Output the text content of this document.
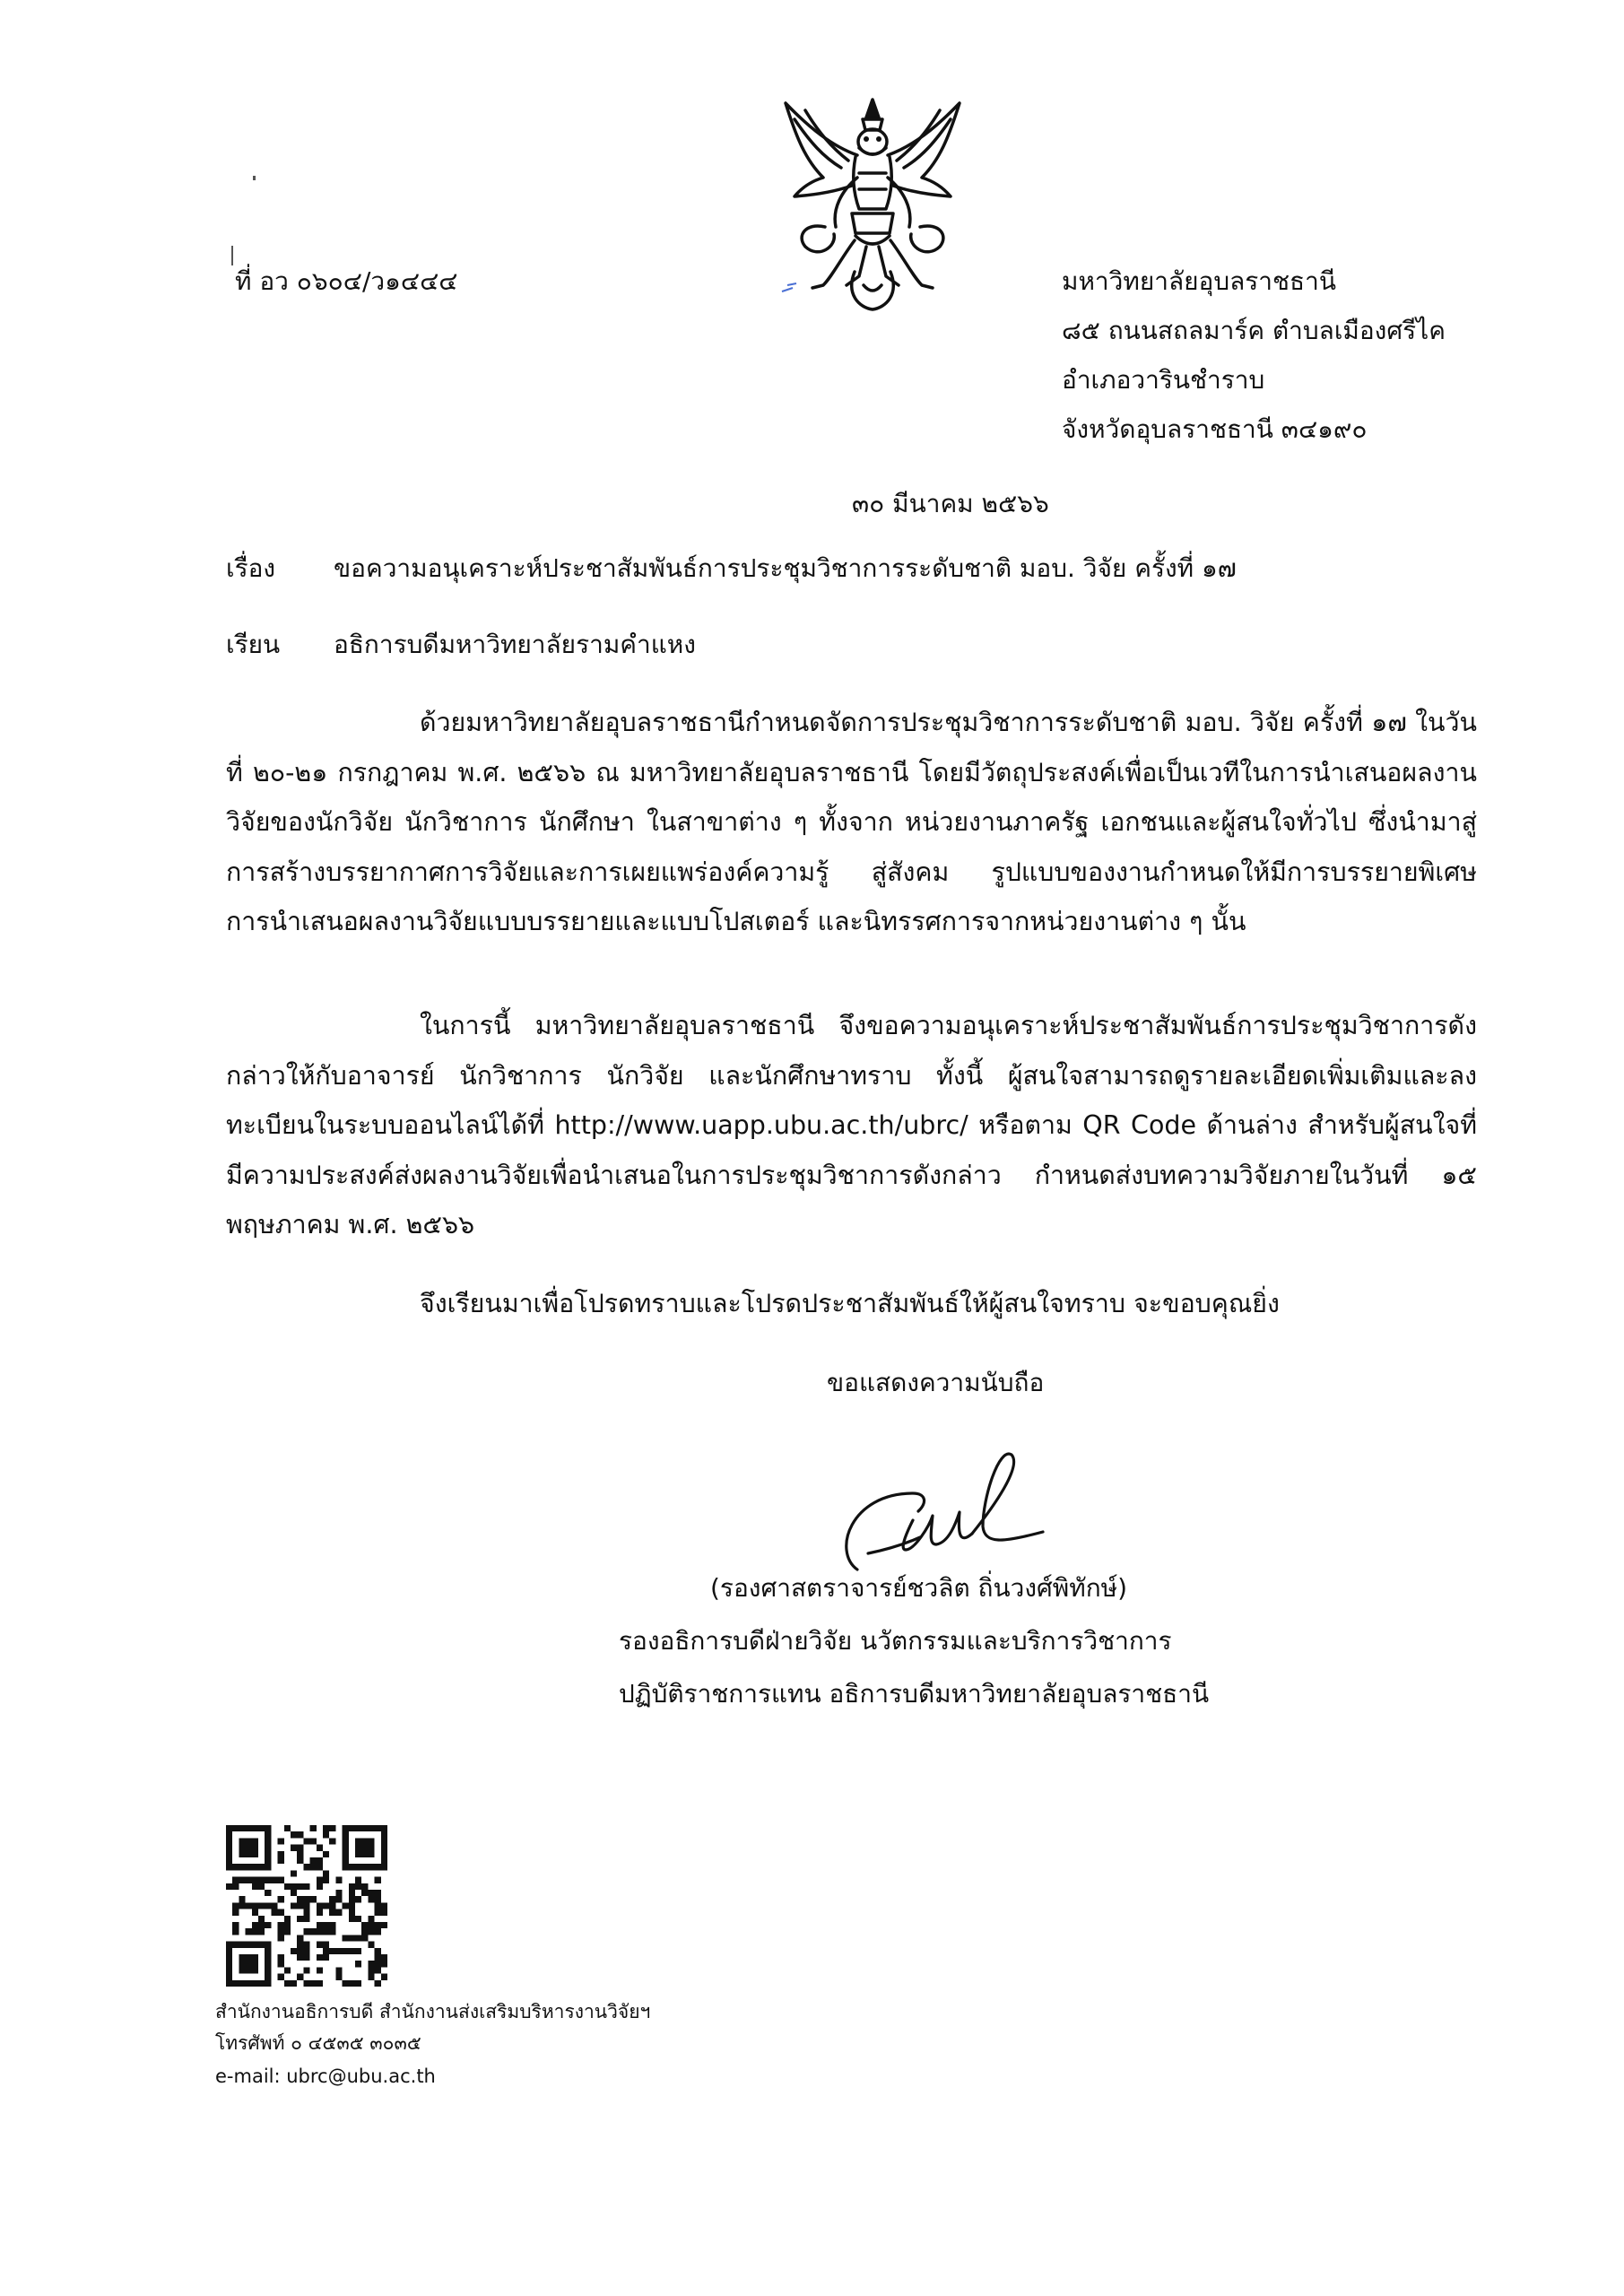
ที่ อว ๐๖๐๔/ว๑๔๔๔	มหาวิทยาลัยอุบลราชธานี

๘๕ ถนนสถลมาร์ค ตำบลเมืองศรีไค

อำเภอวารินชำราบ

จังหวัดอุบลราชธานี ๓๔๑๙๐

๓๐ มีนาคม ๒๕๖๖

เรื่อง ขอความอนุเคราะห์ประชาสัมพันธ์การประชุมวิชาการระดับชาติ มอบ. วิจัย ครั้งที่ ๑๗

เรียน อธิการบดีมหาวิทยาลัยรามคำแหง

ด้วยมหาวิทยาลัยอุบลราชธานีกำหนดจัดการประชุมวิชาการระดับชาติ มอบ. วิจัย ครั้งที่ ๑๗ ในวันที่ ๒๐-๒๑ กรกฎาคม พ.ศ. ๒๕๖๖ ณ มหาวิทยาลัยอุบลราชธานี โดยมีวัตถุประสงค์เพื่อเป็นเวทีในการนำเสนอผลงานวิจัยของนักวิจัย นักวิชาการ นักศึกษา ในสาขาต่าง ๆ ทั้งจาก หน่วยงานภาครัฐ เอกชนและผู้สนใจทั่วไป ซึ่งนำมาสู่การสร้างบรรยากาศการวิจัยและการเผยแพร่องค์ความรู้ สู่สังคม รูปแบบของงานกำหนดให้มีการบรรยายพิเศษ การนำเสนอผลงานวิจัยแบบบรรยายและแบบโปสเตอร์ และนิทรรศการจากหน่วยงานต่าง ๆ นั้น

ในการนี้ มหาวิทยาลัยอุบลราชธานี จึงขอความอนุเคราะห์ประชาสัมพันธ์การประชุมวิชาการดังกล่าวให้กับอาจารย์ นักวิชาการ นักวิจัย และนักศึกษาทราบ ทั้งนี้ ผู้สนใจสามารถดูรายละเอียดเพิ่มเติมและลงทะเบียนในระบบออนไลน์ได้ที่ http://www.uapp.ubu.ac.th/ubrc/ หรือตาม QR Code ด้านล่าง สำหรับผู้สนใจที่มีความประสงค์ส่งผลงานวิจัยเพื่อนำเสนอในการประชุมวิชาการดังกล่าว กำหนดส่งบทความวิจัยภายในวันที่ ๑๕ พฤษภาคม พ.ศ. ๒๕๖๖

จึงเรียนมาเพื่อโปรดทราบและโปรดประชาสัมพันธ์ให้ผู้สนใจทราบ จะขอบคุณยิ่ง

ขอแสดงความนับถือ

(รองศาสตราจารย์ชวลิต ถิ่นวงศ์พิทักษ์)

รองอธิการบดีฝ่ายวิจัย นวัตกรรมและบริการวิชาการ

ปฏิบัติราชการแทน อธิการบดีมหาวิทยาลัยอุบลราชธานี

สำนักงานอธิการบดี สำนักงานส่งเสริมบริหารงานวิจัยฯ

โทรศัพท์ ๐ ๔๕๓๕ ๓๐๓๕

e-mail: ubrc@ubu.ac.th
